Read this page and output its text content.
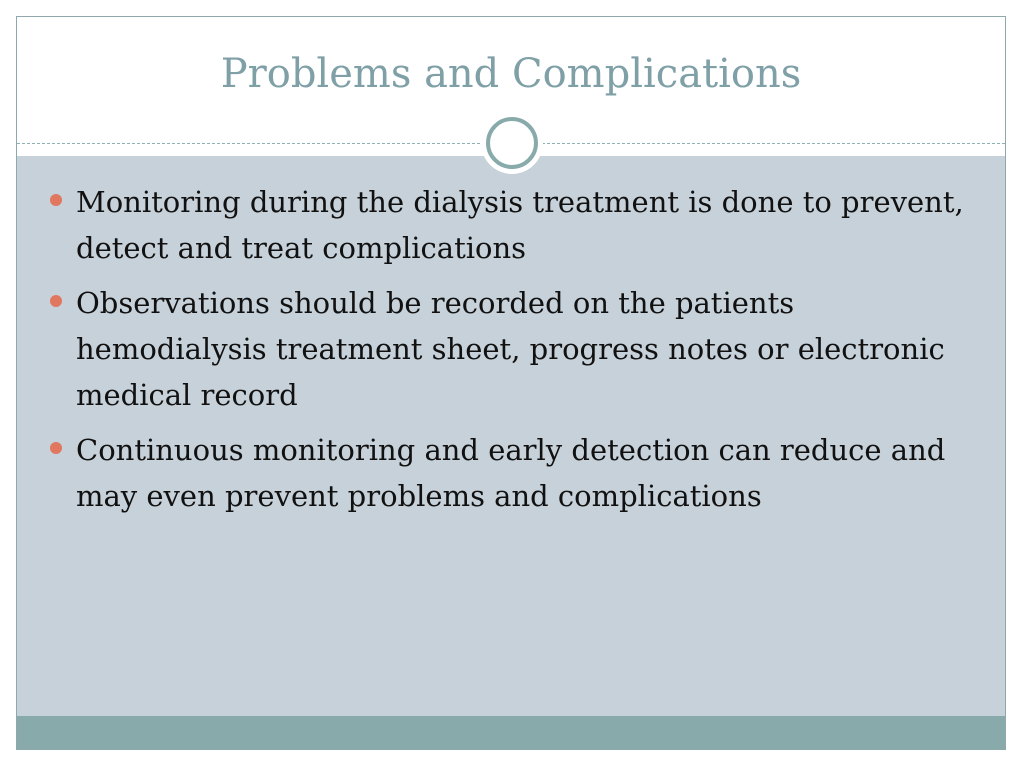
Problems and Complications
Monitoring during the dialysis treatment is done to prevent, detect and treat complications
Observations should be recorded on the patients hemodialysis treatment sheet, progress notes or electronic medical record
Continuous monitoring and early detection can reduce and may even prevent problems and complications
